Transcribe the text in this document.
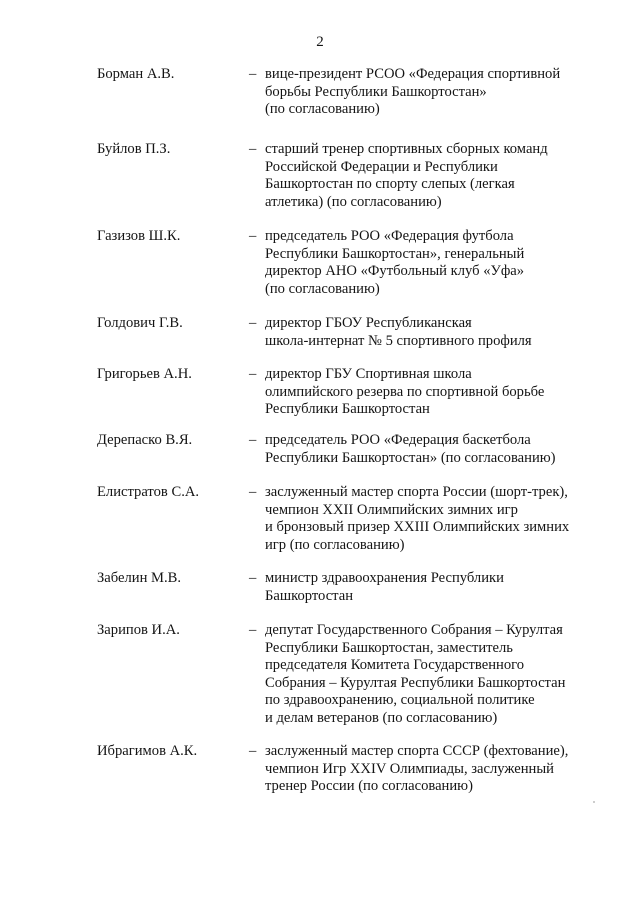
2
Борман А.В.	– вице-президент РСОО «Федерация спортивной
борьбы Республики Башкортостан»
(по согласованию)
Буйлов П.З.	– старший тренер спортивных сборных команд
Российской Федерации и Республики
Башкортостан по спорту слепых (легкая
атлетика) (по согласованию)
Газизов Ш.К.	– председатель РОО «Федерация футбола
Республики Башкортостан», генеральный
директор АНО «Футбольный клуб «Уфа»
(по согласованию)
Голдович Г.В.	– директор ГБОУ Республиканская
школа-интернат № 5 спортивного профиля
Григорьев А.Н.	– директор ГБУ Спортивная школа
олимпийского резерва по спортивной борьбе
Республики Башкортостан
Дерепаско В.Я.	– председатель РОО «Федерация баскетбола
Республики Башкортостан» (по согласованию)
Елистратов С.А.	– заслуженный мастер спорта России (шорт-трек),
чемпион XXII Олимпийских зимних игр
и бронзовый призер XXIII Олимпийских зимних
игр (по согласованию)
Забелин М.В.	– министр здравоохранения Республики
Башкортостан
Зарипов И.А.	– депутат Государственного Собрания – Курултая
Республики Башкортостан, заместитель
председателя Комитета Государственного
Собрания – Курултая Республики Башкортостан
по здравоохранению, социальной политике
и делам ветеранов (по согласованию)
Ибрагимов А.К.	– заслуженный мастер спорта СССР (фехтование),
чемпион Игр XXIV Олимпиады, заслуженный
тренер России (по согласованию)
